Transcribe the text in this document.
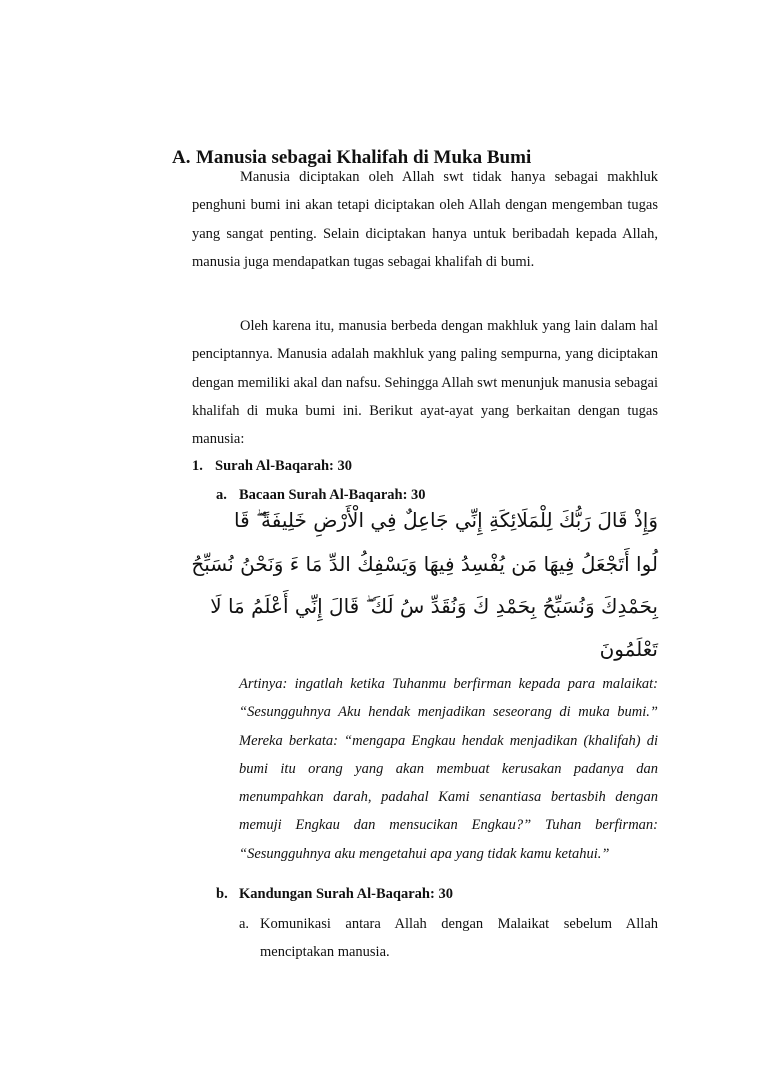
A. Manusia sebagai Khalifah di Muka Bumi
Manusia diciptakan oleh Allah swt tidak hanya sebagai makhluk penghuni bumi ini akan tetapi diciptakan oleh Allah dengan mengemban tugas yang sangat penting. Selain diciptakan hanya untuk beribadah kepada Allah, manusia juga mendapatkan tugas sebagai khalifah di bumi.
Oleh karena itu, manusia berbeda dengan makhluk yang lain dalam hal penciptannya. Manusia adalah makhluk yang paling sempurna, yang diciptakan dengan memiliki akal dan nafsu. Sehingga Allah swt menunjuk manusia sebagai khalifah di muka bumi ini. Berikut ayat-ayat yang berkaitan dengan tugas manusia:
1. Surah Al-Baqarah: 30
a. Bacaan Surah Al-Baqarah: 30
وَإِذْ قَالَ رَبُّكَ لِلْمَلَائِكَةِ إِنِّي جَاعِلٌ فِي الْأَرْضِ خَلِيفَةً ۖ قَا
لُوا أَتَجْعَلُ فِيهَا مَن يُفْسِدُ فِيهَا وَيَسْفِكُ الدِّ مَا ءَ وَنَحْنُ نُسَبِّحُ
بِحَمْدِكَ وَنُسَبِّحُ بِحَمْدِ كَ وَنُقَدِّ سُ لَكَ ۖ قَالَ إِنِّي أَعْلَمُ مَا لَا
تَعْلَمُونَ
Artinya: ingatlah ketika Tuhanmu berfirman kepada para malaikat: “Sesungguhnya Aku hendak menjadikan seseorang di muka bumi.” Mereka berkata: “mengapa Engkau hendak menjadikan (khalifah) di bumi itu orang yang akan membuat kerusakan padanya dan menumpahkan darah, padahal Kami senantiasa bertasbih dengan memuji Engkau dan mensucikan Engkau?” Tuhan berfirman: “Sesungguhnya aku mengetahui apa yang tidak kamu ketahui.”
b. Kandungan Surah Al-Baqarah: 30
a. Komunikasi antara Allah dengan Malaikat sebelum Allah menciptakan manusia.
